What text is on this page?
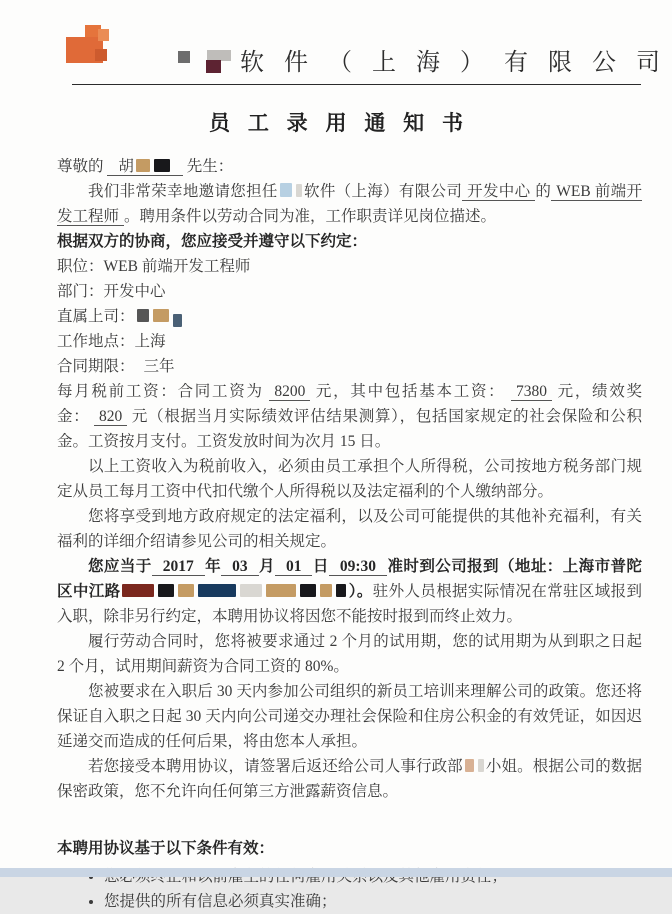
软 件 （ 上 海 ） 有 限 公 司
员 工 录 用 通 知 书

尊敬的 胡	先生：

我们非常荣幸地邀请您担任 软件（上海）有限公司 开发中心 的 WEB 前端开发工程师 。聘用条件以劳动合同为准，工作职责详见岗位描述。

根据双方的协商，您应接受并遵守以下约定：

职位：WEB 前端开发工程师

部门：开发中心

直属上司：

工作地点：上海

合同期限： 三年

每月税前工资：合同工资为 8200 元，其中包括基本工资： 7380 元，绩效奖金： 820 元（根据当月实际绩效评估结果测算），包括国家规定的社会保险和公积金。工资按月支付。工资发放时间为次月 15 日。

以上工资收入为税前收入，必须由员工承担个人所得税，公司按地方税务部门规定从员工每月工资中代扣代缴个人所得税以及法定福利的个人缴纳部分。

您将享受到地方政府规定的法定福利，以及公司可能提供的其他补充福利，有关福利的详细介绍请参见公司的相关规定。

您应当于 2017 年 03 月 01 日 09:30 准时到公司报到（地址：上海市普陀区中江路	）。驻外人员根据实际情况在常驻区域报到入职，除非另行约定，本聘用协议将因您不能按时报到而终止效力。

履行劳动合同时，您将被要求通过 2 个月的试用期，您的试用期为从到职之日起 2 个月，试用期间薪资为合同工资的 80%。

您被要求在入职后 30 天内参加公司组织的新员工培训来理解公司的政策。您还将保证自入职之日起 30 天内向公司递交办理社会保险和住房公积金的有效凭证，如因迟延递交而造成的任何后果，将由您本人承担。

若您接受本聘用协议，请签署后返还给公司人事行政部 小姐。根据公司的数据保密政策，您不允许向任何第三方泄露薪资信息。

本聘用协议基于以下条件有效：

•
• 您提供的所有信息必须真实准确；
